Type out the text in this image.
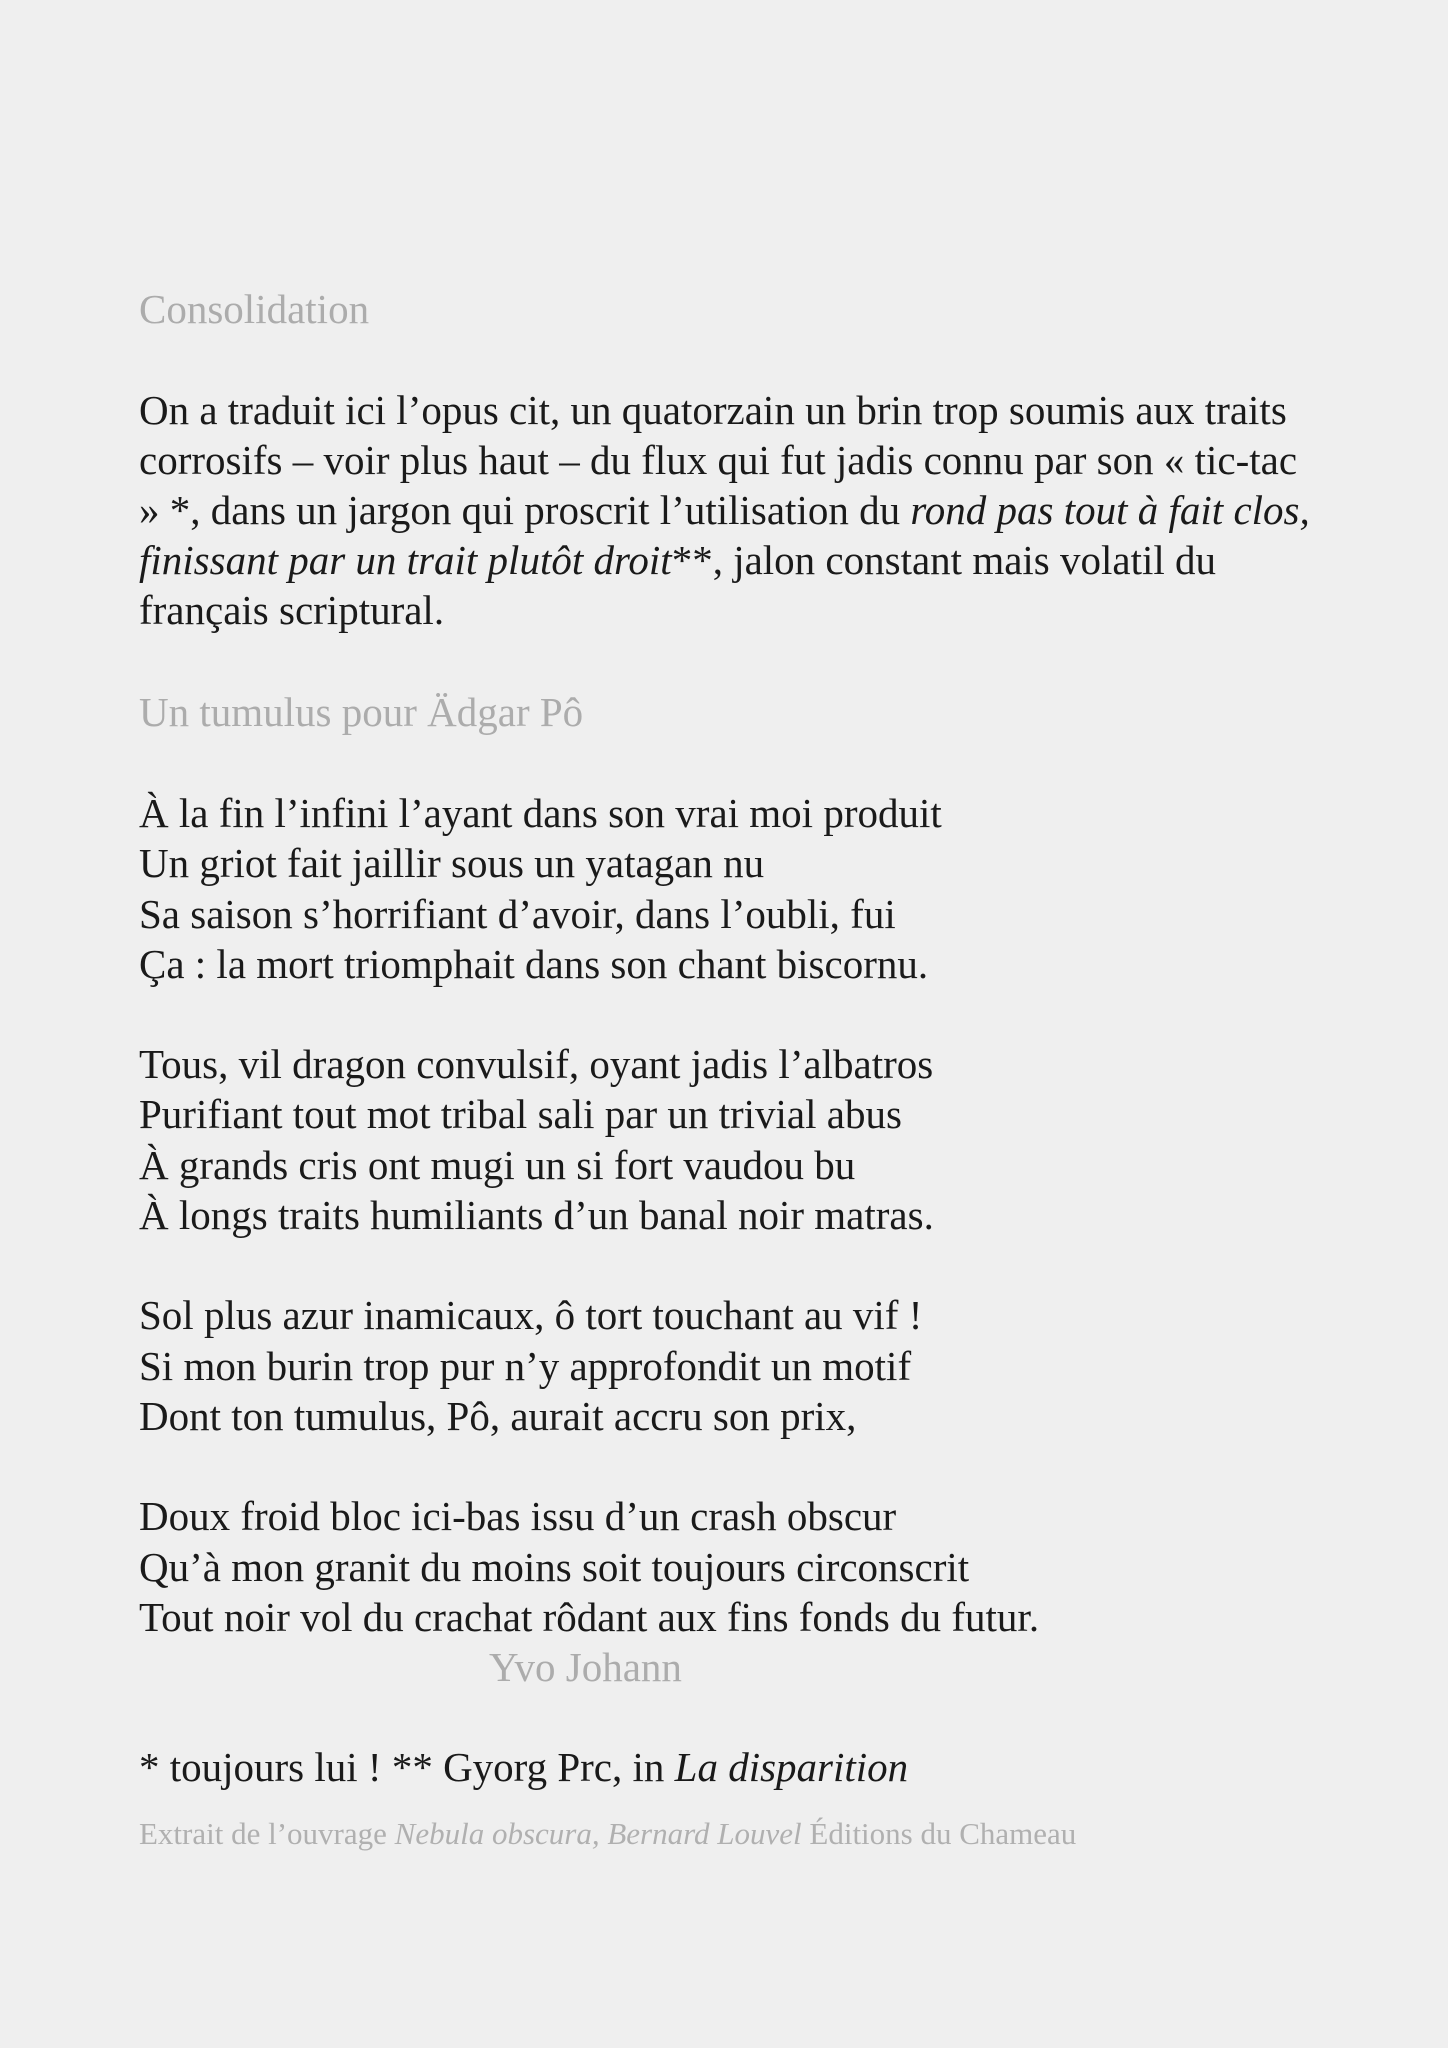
Consolidation

On a traduit ici l’opus cit, un quatorzain un brin trop soumis aux traits corrosifs – voir plus haut – du flux qui fut jadis connu par son « tic-tac » *, dans un jargon qui proscrit l’utilisation du rond pas tout à fait clos, finissant par un trait plutôt droit**, jalon constant mais volatil du français scriptural.

Un tumulus pour Ädgar Pô

À la fin l’infini l’ayant dans son vrai moi produit
Un griot fait jaillir sous un yatagan nu
Sa saison s’horrifiant d’avoir, dans l’oubli, fui
Ça : la mort triomphait dans son chant biscornu.
Tous, vil dragon convulsif, oyant jadis l’albatros
Purifiant tout mot tribal sali par un trivial abus
À grands cris ont mugi un si fort vaudou bu
À longs traits humiliants d’un banal noir matras.
Sol plus azur inamicaux, ô tort touchant au vif !
Si mon burin trop pur n’y approfondit un motif
Dont ton tumulus, Pô, aurait accru son prix,
Doux froid bloc ici-bas issu d’un crash obscur
Qu’à mon granit du moins soit toujours circonscrit
Tout noir vol du crachat rôdant aux fins fonds du futur.

Yvo Johann

* toujours lui ! ** Gyorg Prc, in La disparition

Extrait de l’ouvrage Nebula obscura, Bernard Louvel Éditions du Chameau
